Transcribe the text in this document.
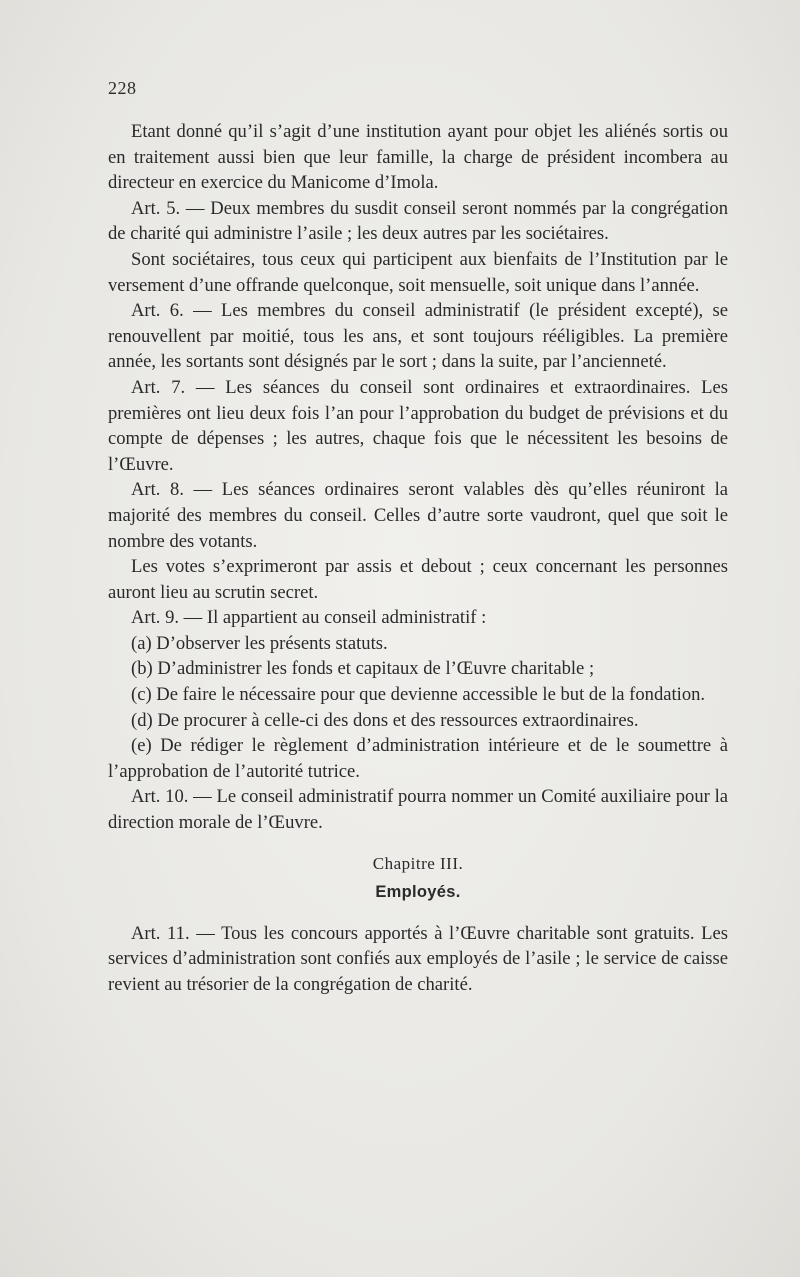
228

Etant donné qu’il s’agit d’une institution ayant pour objet les aliénés sortis ou en traitement aussi bien que leur famille, la charge de président incombera au directeur en exercice du Manicome d’Imola.

Art. 5. — Deux membres du susdit conseil seront nommés par la congrégation de charité qui administre l’asile ; les deux autres par les sociétaires.

Sont sociétaires, tous ceux qui participent aux bienfaits de l’Institution par le versement d’une offrande quelconque, soit mensuelle, soit unique dans l’année.

Art. 6. — Les membres du conseil administratif (le président excepté), se renouvellent par moitié, tous les ans, et sont toujours rééligibles. La première année, les sortants sont désignés par le sort ; dans la suite, par l’ancienneté.

Art. 7. — Les séances du conseil sont ordinaires et extraordinaires. Les premières ont lieu deux fois l’an pour l’approbation du budget de prévisions et du compte de dépenses ; les autres, chaque fois que le nécessitent les besoins de l’Œuvre.

Art. 8. — Les séances ordinaires seront valables dès qu’elles réuniront la majorité des membres du conseil. Celles d’autre sorte vaudront, quel que soit le nombre des votants.

Les votes s’exprimeront par assis et debout ; ceux concernant les personnes auront lieu au scrutin secret.

Art. 9. — Il appartient au conseil administratif :

(a) D’observer les présents statuts.

(b) D’administrer les fonds et capitaux de l’Œuvre charitable ;

(c) De faire le nécessaire pour que devienne accessible le but de la fondation.

(d) De procurer à celle-ci des dons et des ressources extraordinaires.

(e) De rédiger le règlement d’administration intérieure et de le soumettre à l’approbation de l’autorité tutrice.

Art. 10. — Le conseil administratif pourra nommer un Comité auxiliaire pour la direction morale de l’Œuvre.

Chapitre III.

Employés.

Art. 11. — Tous les concours apportés à l’Œuvre charitable sont gratuits. Les services d’administration sont confiés aux employés de l’asile ; le service de caisse revient au trésorier de la congrégation de charité.
